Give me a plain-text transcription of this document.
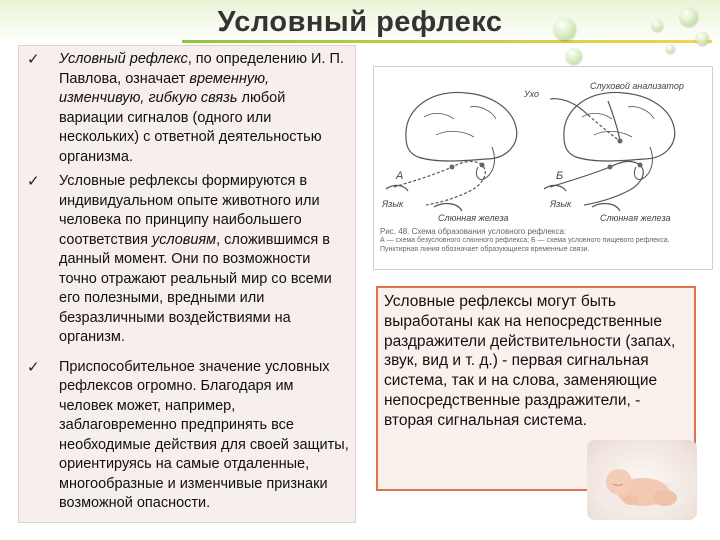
Условный рефлекс
✓ Условный рефлекс, по определению И. П. Павлова, означает временную, изменчивую, гибкую связь любой вариации сигналов (одного или нескольких) с ответной деятельностью организма.
✓ Условные рефлексы формируются в индивидуальном опыте животного или человека по принципу наибольшего соответствия условиям, сложившимся в данный момент. Они по возможности точно отражают реальный мир со всеми его полезными, вредными или безразличными воздействиями на организм.
✓ Приспособительное значение условных рефлексов огромно. Благодаря им человек может, например, заблаговременно предпринять все необходимые действия для своей защиты, ориентируясь на самые отдаленные, многообразные и изменчивые признаки возможной опасности.
Ухо
Слуховой анализатор
А	Б
Язык	Язык
Слюнная железа	Слюнная железа
Рис. 48. Схема образования условного рефлекса:
А — схема безусловного слюнного рефлекса; Б — схема условного пищевого рефлекса. Пунктирная линия обозначает образующиеся временные связи.
Условные рефлексы могут быть выработаны как на непосредственные раздражители действительности (запах, звук, вид и т. д.) - первая сигнальная система, так и на слова, заменяющие непосредственные раздражители, - вторая сигнальная система.
